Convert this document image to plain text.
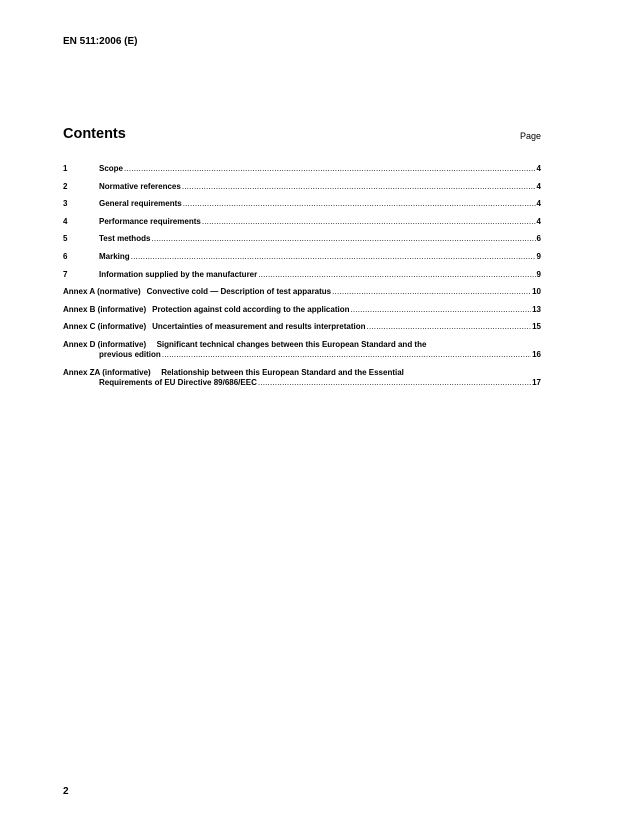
EN 511:2006 (E)
Contents	Page
1	Scope .....	4
2	Normative references .....	4
3	General requirements .....	4
4	Performance requirements .....	4
5	Test methods .....	6
6	Marking .....	9
7	Information supplied by the manufacturer .....	9
Annex A (normative) Convective cold — Description of test apparatus .....	10
Annex B (informative) Protection against cold according to the application .....	13
Annex C (informative) Uncertainties of measurement and results interpretation .....	15
Annex D (informative) Significant technical changes between this European Standard and the
previous edition .....	16
Annex ZA (informative) Relationship between this European Standard and the Essential
Requirements of EU Directive 89/686/EEC .....	17
2
